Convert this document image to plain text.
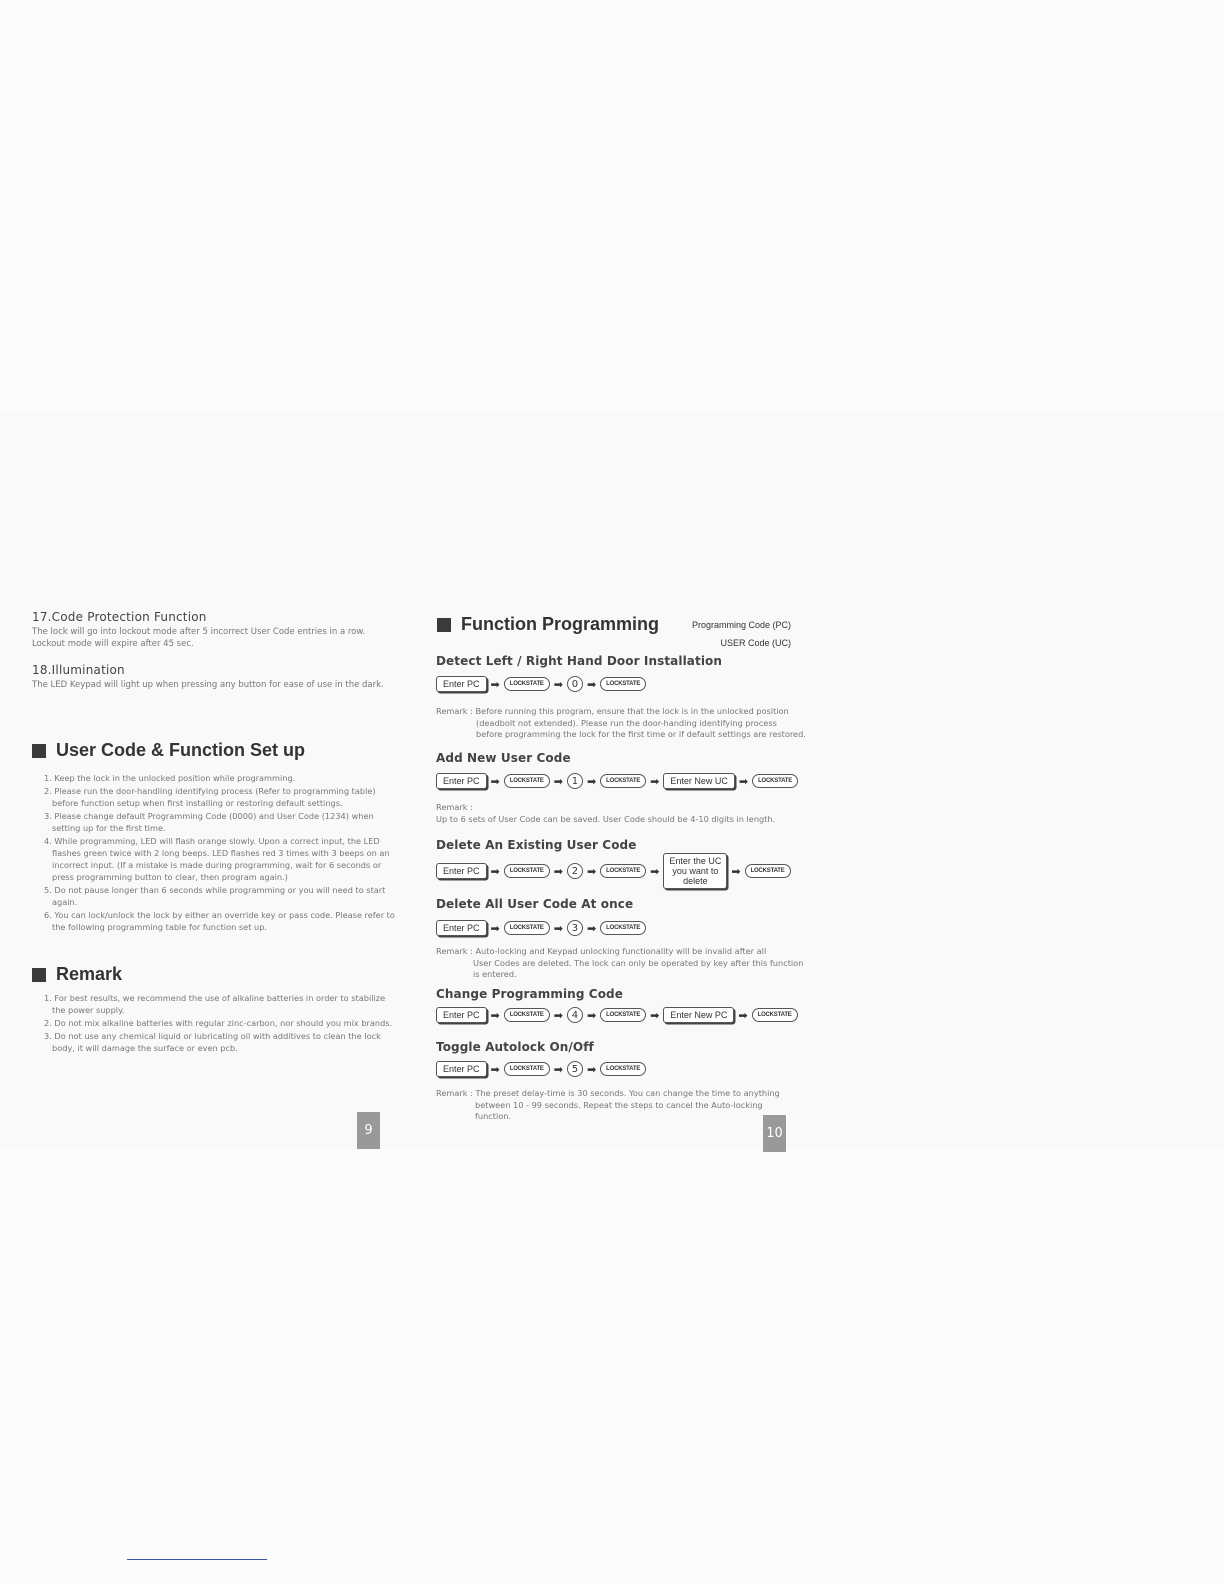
17.Code Protection Function

The lock will go into lockout mode after 5 incorrect User Code entries in a row.

Lockout mode will expire after 45 sec.

18.Illumination

The LED Keypad will light up when pressing any button for ease of use in the dark.

User Code & Function Set up
1. Keep the lock in the unlocked position while programming.
2. Please run the door-handling identifying process (Refer to programming table) before function setup when first installing or restoring default settings.
3. Please change default Programming Code (0000) and User Code (1234) when setting up for the first time.
4. While programming, LED will flash orange slowly. Upon a correct input, the LED flashes green twice with 2 long beeps. LED flashes red 3 times with 3 beeps on an incorrect input. (If a mistake is made during programming, wait for 6 seconds or press programming button to clear, then program again.)
5. Do not pause longer than 6 seconds while programming or you will need to start again.
6. You can lock/unlock the lock by either an override key or pass code. Please refer to the following programming table for function set up.
Remark
1. For best results, we recommend the use of alkaline batteries in order to stabilize the power supply.
2. Do not mix alkaline batteries with regular zinc-carbon, nor should you mix brands.
3. Do not use any chemical liquid or lubricating oil with additives to clean the lock body, it will damage the surface or even pcb.
9
Function Programming	Programming Code (PC)
USER Code (UC)
Detect Left / Right Hand Door Installation
Enter PC	➡	LOCKSTATE ➡ 0 ➡	LOCKSTATE
Remark : Before running this program, ensure that the lock is in the unlocked position
(deadbolt not extended). Please run the door-handing identifying process
before programming the lock for the first time or if default settings are restored.
Add New User Code
Enter PC	➡	LOCKSTATE ➡ 1 ➡	LOCKSTATE ➡	Enter New UC	➡	LOCKSTATE
Remark :
Up to 6 sets of User Code can be saved. User Code should be 4-10 digits in length.
Delete An Existing User Code
Enter PC	➡	LOCKSTATE ➡ 2 ➡	LOCKSTATE ➡
Enter the UC
you want to
delete
➡	LOCKSTATE
Delete All User Code At once
Enter PC	➡	LOCKSTATE ➡ 3 ➡	LOCKSTATE
Remark : Auto-locking and Keypad unlocking functionality will be invalid after all
User Codes are deleted. The lock can only be operated by key after this function
is entered.
Change Programming Code
Enter PC	➡	LOCKSTATE ➡ 4 ➡	LOCKSTATE ➡	Enter New PC	➡	LOCKSTATE
Toggle Autolock On/Off
Enter PC	➡	LOCKSTATE ➡ 5 ➡	LOCKSTATE
Remark : The preset delay-time is 30 seconds. You can change the time to anything
between 10 - 99 seconds. Repeat the steps to cancel the Auto-locking
function.
10
